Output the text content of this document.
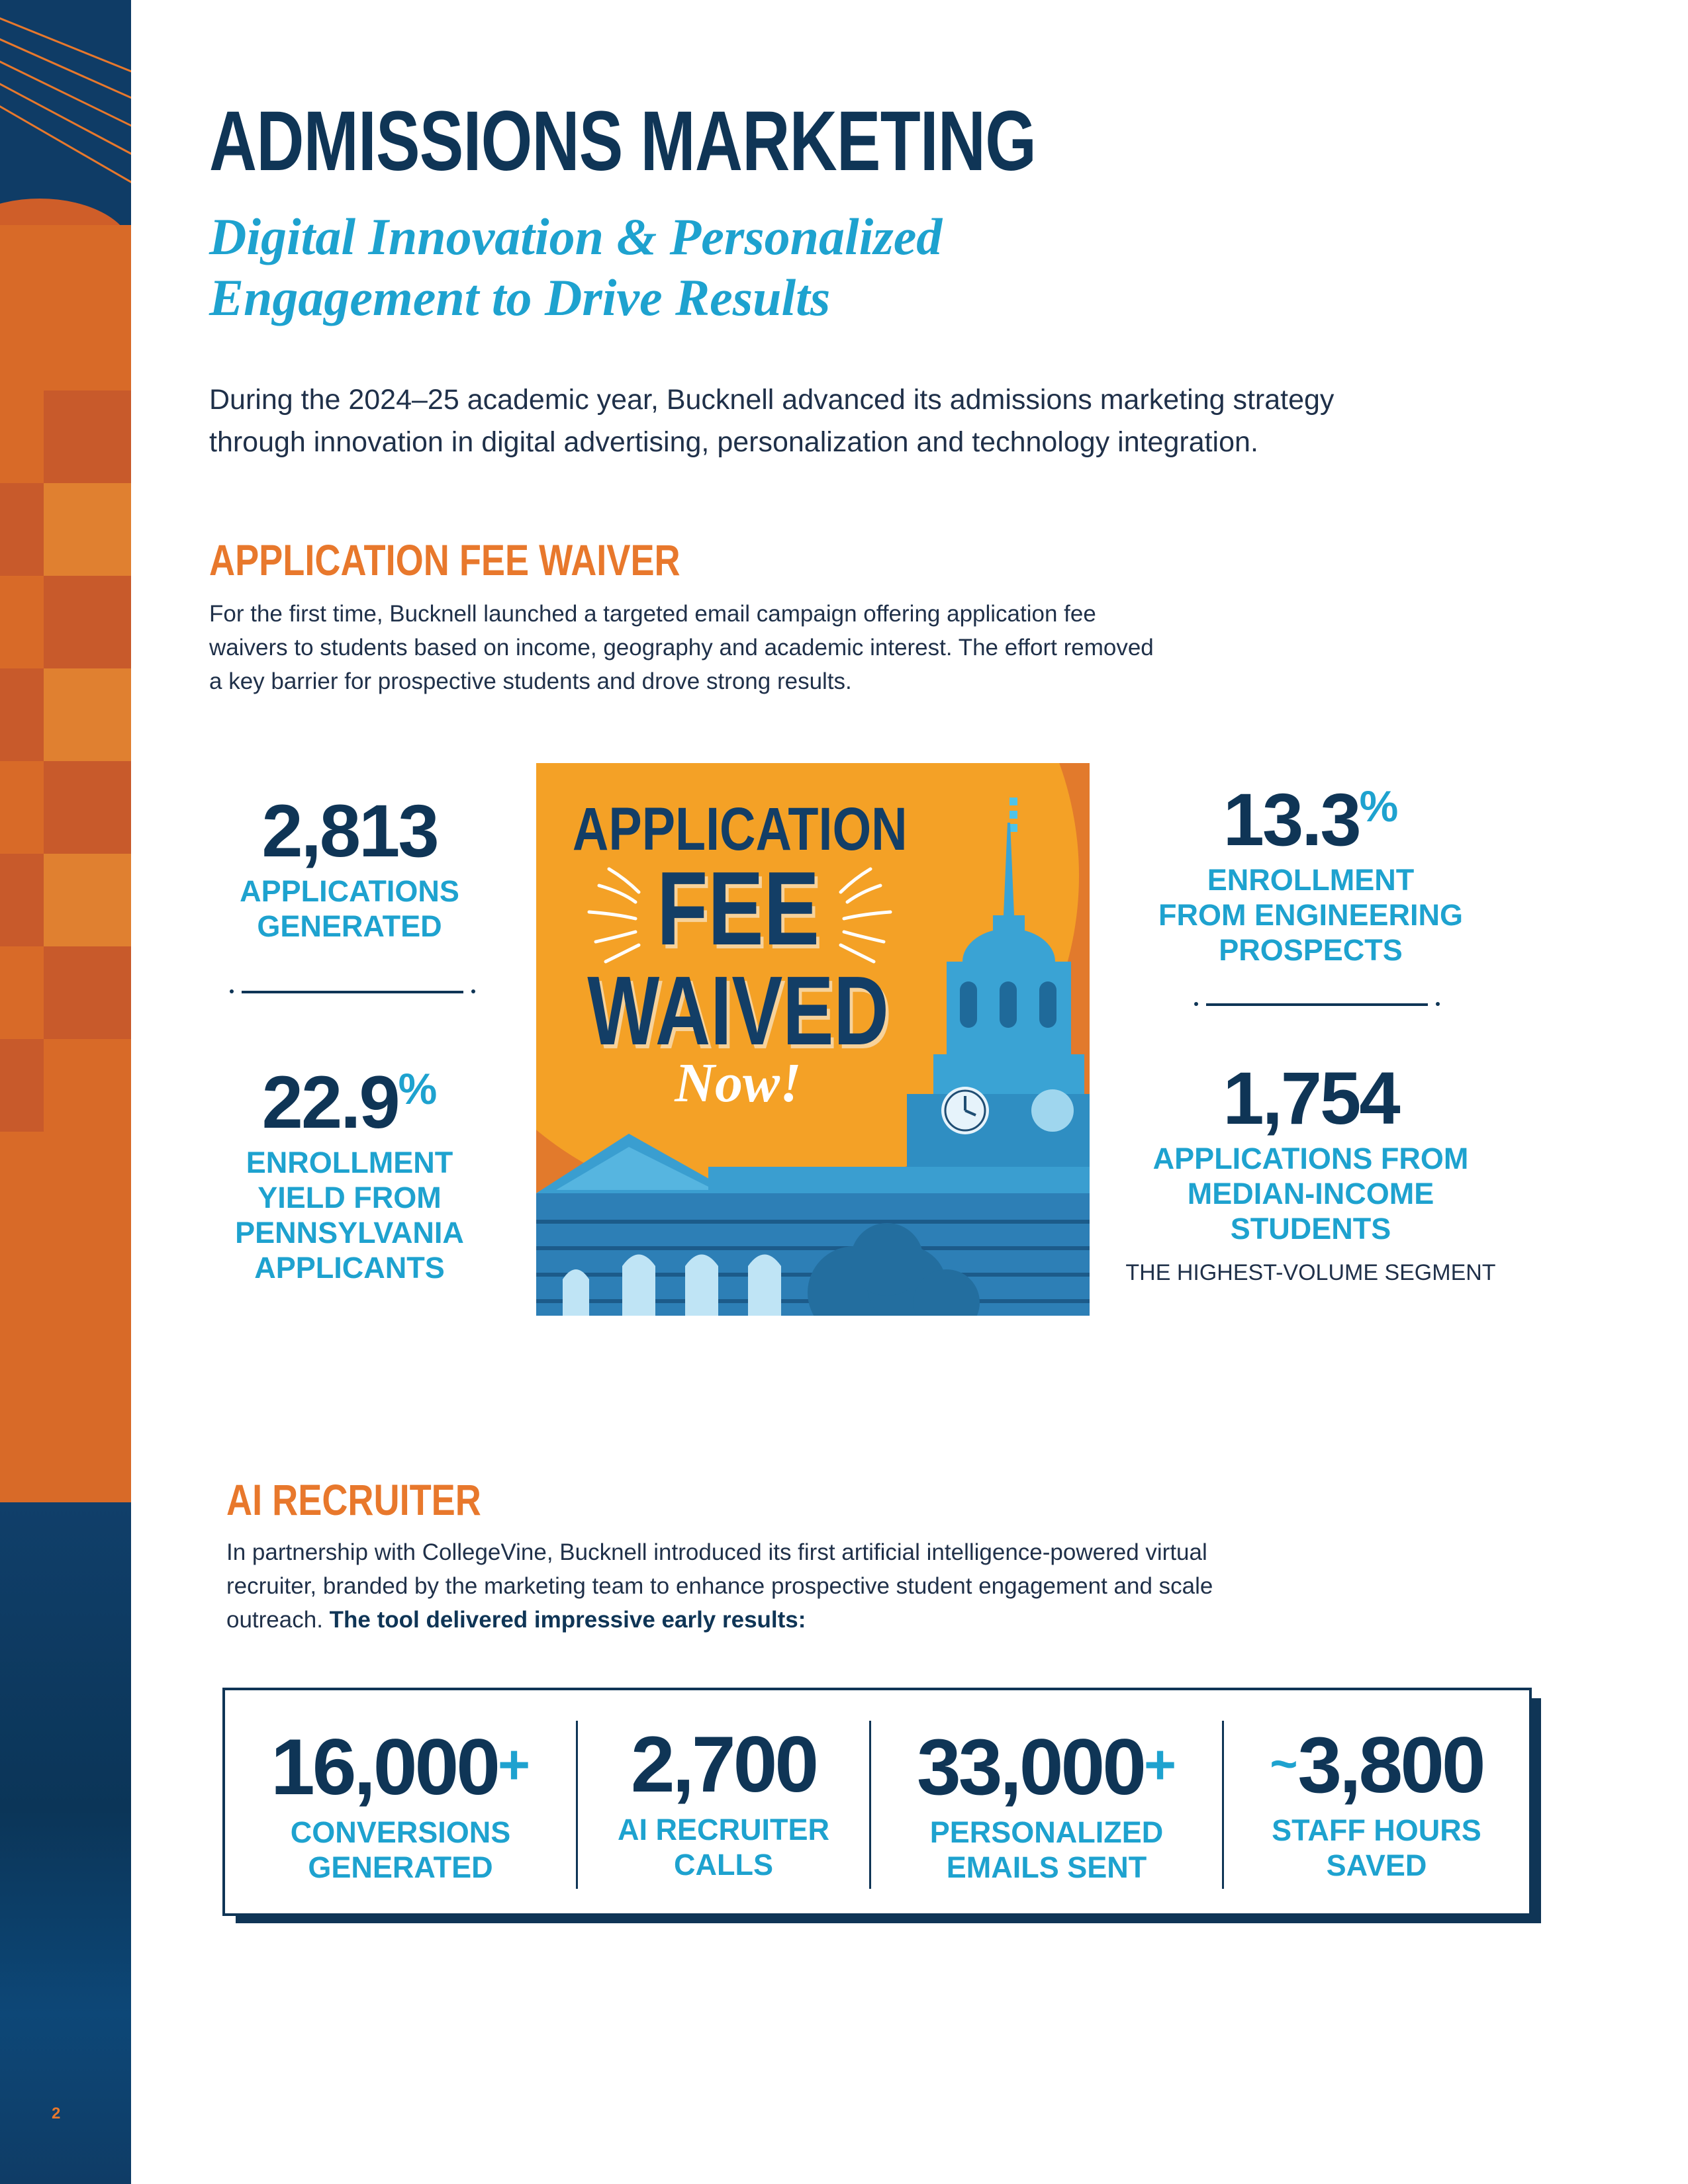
2
ADMISSIONS MARKETING
Digital Innovation & Personalized
Engagement to Drive Results

During the 2024–25 academic year, Bucknell advanced its admissions marketing strategy through innovation in digital advertising, personalization and technology integration.

APPLICATION FEE WAIVER

For the first time, Bucknell launched a targeted email campaign offering application fee waivers to students based on income, geography and academic interest. The effort removed a key barrier for prospective students and drove strong results.

2,813
APPLICATIONS
GENERATED
22.9%
ENROLLMENT
YIELD FROM
PENNSYLVANIA
APPLICANTS
APPLICATION
FEE
WAIVED
Now!
13.3%
ENROLLMENT
FROM ENGINEERING
PROSPECTS
1,754
APPLICATIONS FROM
MEDIAN-INCOME
STUDENTS
THE HIGHEST-VOLUME SEGMENT
AI RECRUITER

In partnership with CollegeVine, Bucknell introduced its first artificial intelligence-powered virtual recruiter, branded by the marketing team to enhance prospective student engagement and scale outreach. The tool delivered impressive early results:

16,000+
CONVERSIONS
GENERATED
2,700
AI RECRUITER
CALLS
33,000+
PERSONALIZED
EMAILS SENT
~3,800
STAFF HOURS
SAVED
